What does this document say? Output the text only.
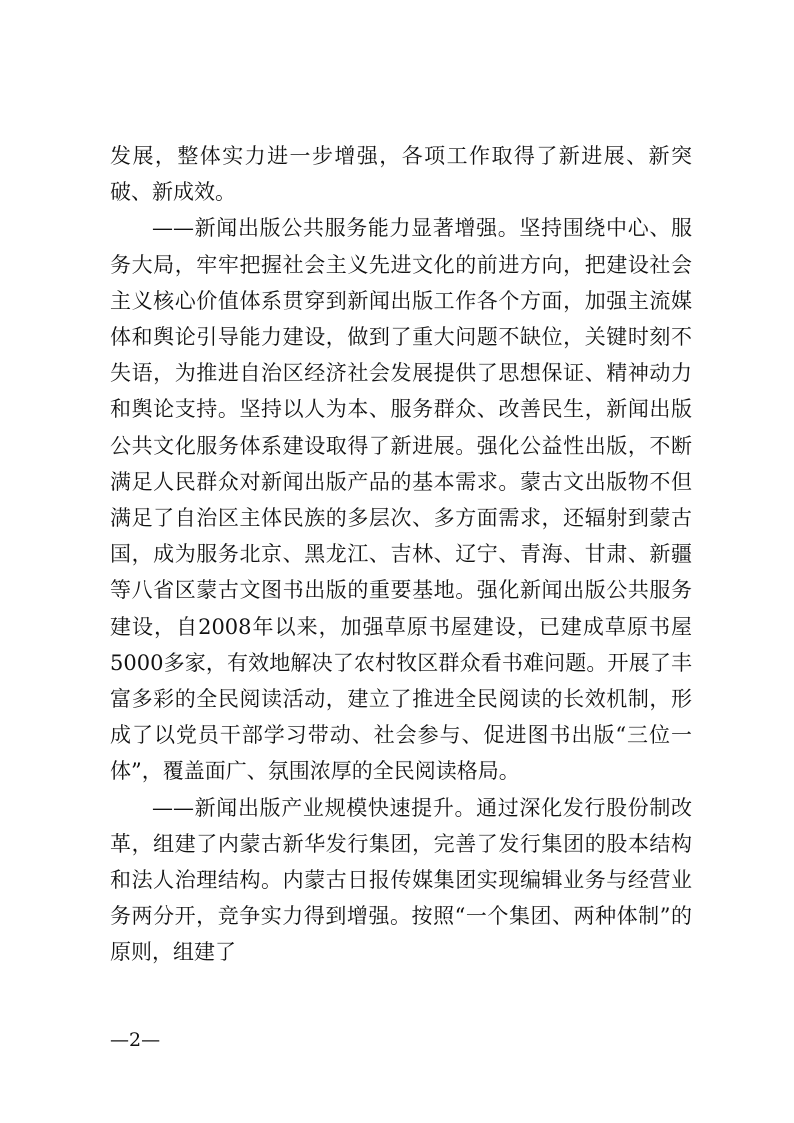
发展，整体实力进一步增强，各项工作取得了新进展、新突破、新成效。

——新闻出版公共服务能力显著增强。坚持围绕中心、服务大局，牢牢把握社会主义先进文化的前进方向，把建设社会主义核心价值体系贯穿到新闻出版工作各个方面，加强主流媒体和舆论引导能力建设，做到了重大问题不缺位，关键时刻不失语，为推进自治区经济社会发展提供了思想保证、精神动力和舆论支持。坚持以人为本、服务群众、改善民生，新闻出版公共文化服务体系建设取得了新进展。强化公益性出版，不断满足人民群众对新闻出版产品的基本需求。蒙古文出版物不但满足了自治区主体民族的多层次、多方面需求，还辐射到蒙古国，成为服务北京、黑龙江、吉林、辽宁、青海、甘肃、新疆等八省区蒙古文图书出版的重要基地。强化新闻出版公共服务建设，自2008年以来，加强草原书屋建设，已建成草原书屋5000多家，有效地解决了农村牧区群众看书难问题。开展了丰富多彩的全民阅读活动，建立了推进全民阅读的长效机制，形成了以党员干部学习带动、社会参与、促进图书出版“三位一体”，覆盖面广、氛围浓厚的全民阅读格局。

——新闻出版产业规模快速提升。通过深化发行股份制改革，组建了内蒙古新华发行集团，完善了发行集团的股本结构和法人治理结构。内蒙古日报传媒集团实现编辑业务与经营业务两分开，竞争实力得到增强。按照“一个集团、两种体制”的原则，组建了

—2—
